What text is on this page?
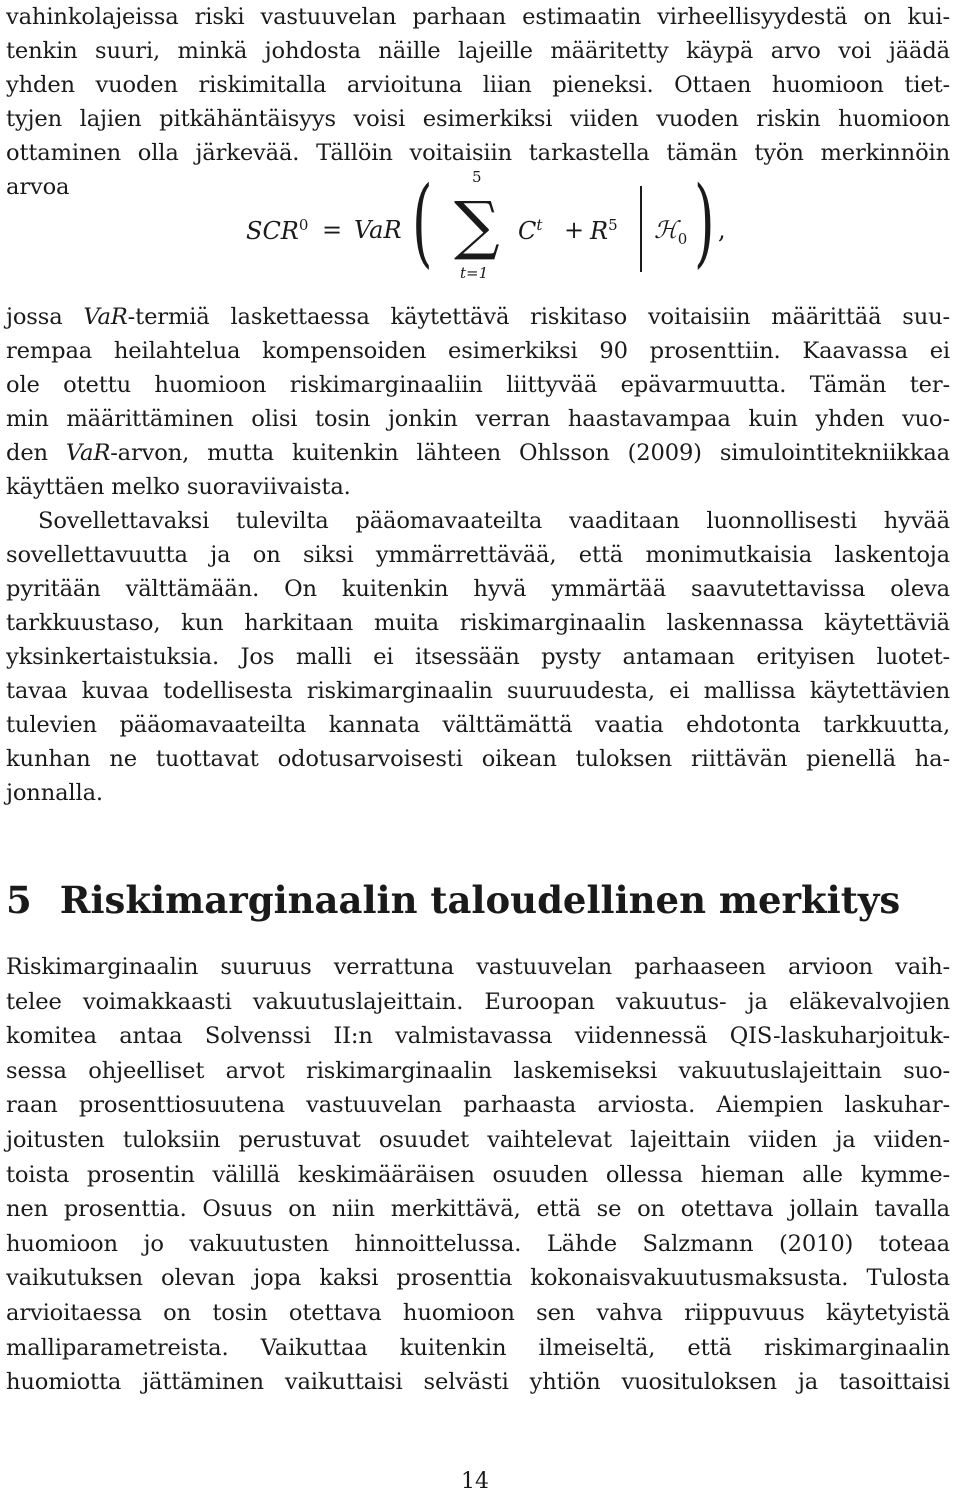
vahinkolajeissa riski vastuuvelan parhaan estimaatin virheellisyydestä on kui-
tenkin suuri, minkä johdosta näille lajeille määritetty käypä arvo voi jäädä
yhden vuoden riskimitalla arvioituna liian pieneksi. Ottaen huomioon tiet-
tyjen lajien pitkähäntäisyys voisi esimerkiksi viiden vuoden riskin huomioon
ottaminen olla järkevää. Tällöin voitaisiin tarkastella tämän työn merkinnöin
arvoa
$SCR^0$ = VaR (	5
∑
t=1
$C^t + R^5$ ℋ$_0$ ) ,
jossa VaR-termiä laskettaessa käytettävä riskitaso voitaisiin määrittää suu-
rempaa heilahtelua kompensoiden esimerkiksi 90 prosenttiin. Kaavassa ei
ole otettu huomioon riskimarginaaliin liittyvää epävarmuutta. Tämän ter-
min määrittäminen olisi tosin jonkin verran haastavampaa kuin yhden vuo-
den VaR-arvon, mutta kuitenkin lähteen Ohlsson (2009) simulointitekniikkaa
käyttäen melko suoraviivaista.
Sovellettavaksi tulevilta pääomavaateilta vaaditaan luonnollisesti hyvää
sovellettavuutta ja on siksi ymmärrettävää, että monimutkaisia laskentoja
pyritään välttämään. On kuitenkin hyvä ymmärtää saavutettavissa oleva
tarkkuustaso, kun harkitaan muita riskimarginaalin laskennassa käytettäviä
yksinkertaistuksia. Jos malli ei itsessään pysty antamaan erityisen luotet-
tavaa kuvaa todellisesta riskimarginaalin suuruudesta, ei mallissa käytettävien
tulevien pääomavaateilta kannata välttämättä vaatia ehdotonta tarkkuutta,
kunhan ne tuottavat odotusarvoisesti oikean tuloksen riittävän pienellä ha-
jonnalla.
5 Riskimarginaalin taloudellinen merkitys
Riskimarginaalin suuruus verrattuna vastuuvelan parhaaseen arvioon vaih-
telee voimakkaasti vakuutuslajeittain. Euroopan vakuutus- ja eläkevalvojien
komitea antaa Solvenssi II:n valmistavassa viidennessä QIS-laskuharjoituk-
sessa ohjeelliset arvot riskimarginaalin laskemiseksi vakuutuslajeittain suo-
raan prosenttiosuutena vastuuvelan parhaasta arviosta. Aiempien laskuhar-
joitusten tuloksiin perustuvat osuudet vaihtelevat lajeittain viiden ja viiden-
toista prosentin välillä keskimääräisen osuuden ollessa hieman alle kymme-
nen prosenttia. Osuus on niin merkittävä, että se on otettava jollain tavalla
huomioon jo vakuutusten hinnoittelussa. Lähde Salzmann (2010) toteaa
vaikutuksen olevan jopa kaksi prosenttia kokonaisvakuutusmaksusta. Tulosta
arvioitaessa on tosin otettava huomioon sen vahva riippuvuus käytetyistä
malliparametreista. Vaikuttaa kuitenkin ilmeiseltä, että riskimarginaalin
huomiotta jättäminen vaikuttaisi selvästi yhtiön vuosituloksen ja tasoittaisi
14
